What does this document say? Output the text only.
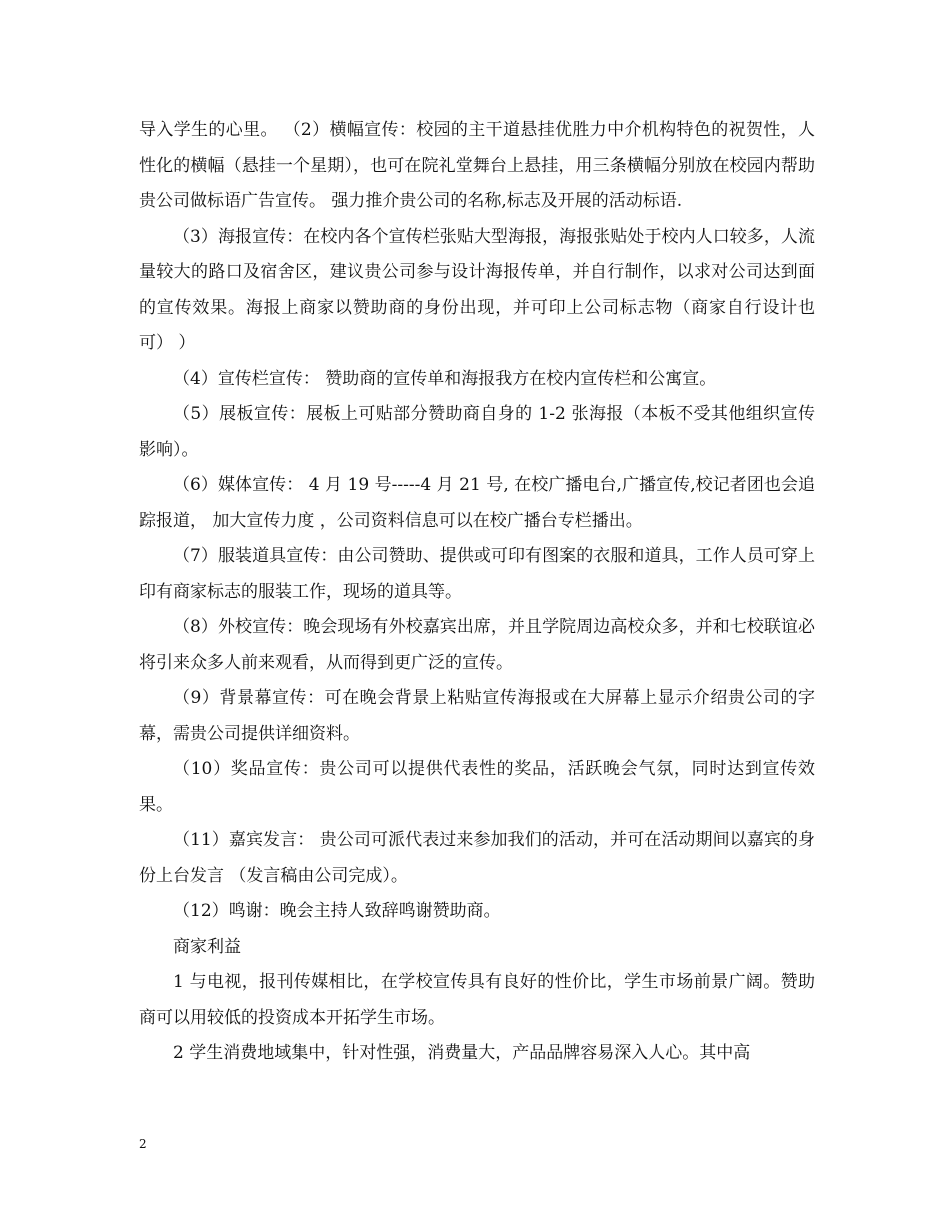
导入学生的心里。 （2）横幅宣传：校园的主干道悬挂优胜力中介机构特色的祝贺性，人性化的横幅（悬挂一个星期），也可在院礼堂舞台上悬挂，用三条横幅分别放在校园内帮助贵公司做标语广告宣传。 强力推介贵公司的名称,标志及开展的活动标语.

（3）海报宣传：在校内各个宣传栏张贴大型海报，海报张贴处于校内人口较多，人流量较大的路口及宿舍区，建议贵公司参与设计海报传单，并自行制作，以求对公司达到面的宣传效果。海报上商家以赞助商的身份出现，并可印上公司标志物（商家自行设计也可） ）

（4）宣传栏宣传： 赞助商的宣传单和海报我方在校内宣传栏和公寓宣。

（5）展板宣传：展板上可贴部分赞助商自身的 1-2 张海报（本板不受其他组织宣传影响）。

（6）媒体宣传： 4 月 19 号-----4 月 21 号, 在校广播电台,广播宣传,校记者团也会追踪报道， 加大宣传力度 ，公司资料信息可以在校广播台专栏播出。

（7）服装道具宣传：由公司赞助、提供或可印有图案的衣服和道具，工作人员可穿上印有商家标志的服装工作，现场的道具等。

（8）外校宣传：晚会现场有外校嘉宾出席，并且学院周边高校众多，并和七校联谊必将引来众多人前来观看，从而得到更广泛的宣传。

（9）背景幕宣传：可在晚会背景上粘贴宣传海报或在大屏幕上显示介绍贵公司的字幕，需贵公司提供详细资料。

（10）奖品宣传：贵公司可以提供代表性的奖品，活跃晚会气氛，同时达到宣传效果。

（11）嘉宾发言： 贵公司可派代表过来参加我们的活动，并可在活动期间以嘉宾的身份上台发言 （发言稿由公司完成）。

（12）鸣谢：晚会主持人致辞鸣谢赞助商。

商家利益

1 与电视，报刊传媒相比，在学校宣传具有良好的性价比，学生市场前景广阔。赞助商可以用较低的投资成本开拓学生市场。

2 学生消费地域集中，针对性强，消费量大，产品品牌容易深入人心。其中高

2
